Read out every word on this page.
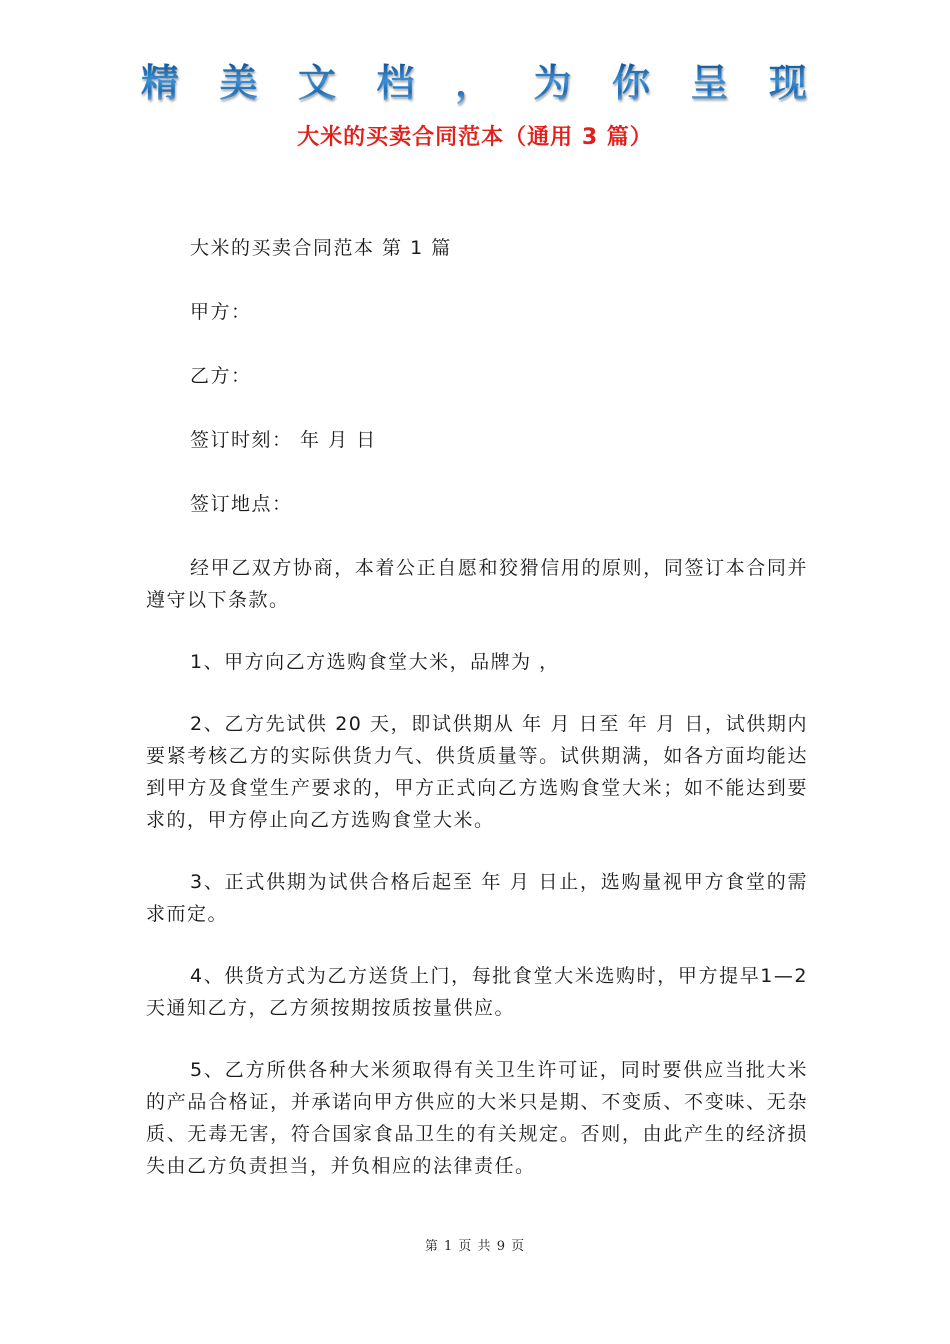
精 美 文 档 ， 为 你 呈 现
大米的买卖合同范本（通用 3 篇）

大米的买卖合同范本 第 1 篇

甲方：

乙方：

签订时刻： 年 月 日

签订地点：

经甲乙双方协商，本着公正自愿和狡猾信用的原则，同签订本合同并遵守以下条款。

1、甲方向乙方选购食堂大米，品牌为 ，

2、乙方先试供 20 天，即试供期从 年 月 日至 年 月 日，试供期内要紧考核乙方的实际供货力气、供货质量等。试供期满，如各方面均能达到甲方及食堂生产要求的，甲方正式向乙方选购食堂大米；如不能达到要求的，甲方停止向乙方选购食堂大米。

3、正式供期为试供合格后起至 年 月 日止，选购量视甲方食堂的需求而定。

4、供货方式为乙方送货上门，每批食堂大米选购时，甲方提早1—2 天通知乙方，乙方须按期按质按量供应。

5、乙方所供各种大米须取得有关卫生许可证，同时要供应当批大米的产品合格证，并承诺向甲方供应的大米只是期、不变质、不变味、无杂质、无毒无害，符合国家食品卫生的有关规定。否则，由此产生的经济损失由乙方负责担当，并负相应的法律责任。

第 1 页 共 9 页
